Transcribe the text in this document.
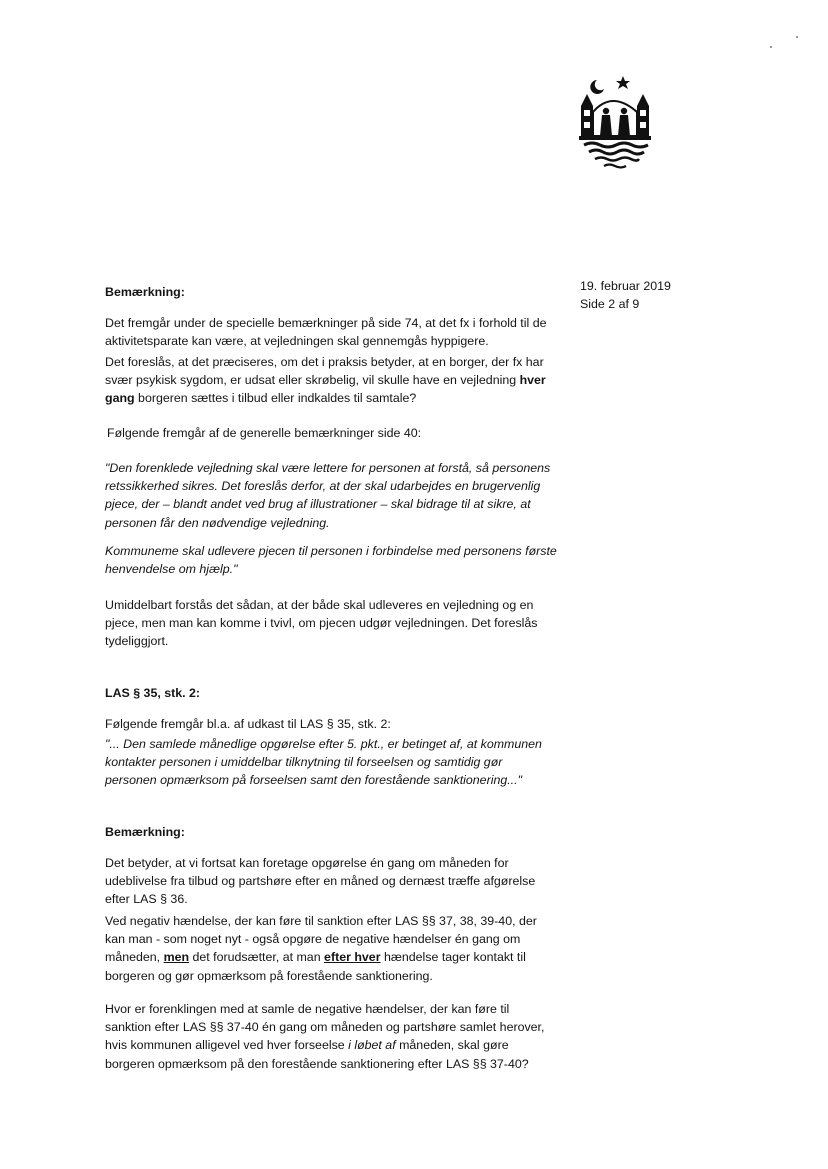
19. februar 2019
Side 2 af 9
Bemærkning:

Det fremgår under de specielle bemærkninger på side 74, at det fx i forhold til de aktivitetsparate kan være, at vejledningen skal gennemgås hyppigere.

Det foreslås, at det præciseres, om det i praksis betyder, at en borger, der fx har svær psykisk sygdom, er udsat eller skrøbelig, vil skulle have en vejledning hver gang borgeren sættes i tilbud eller indkaldes til samtale?

Følgende fremgår af de generelle bemærkninger side 40:

"Den forenklede vejledning skal være lettere for personen at forstå, så personens retssikkerhed sikres. Det foreslås derfor, at der skal udarbejdes en brugervenlig pjece, der – blandt andet ved brug af illustrationer – skal bidrage til at sikre, at personen får den nødvendige vejledning.

Kommuneme skal udlevere pjecen til personen i forbindelse med personens første henvendelse om hjælp."

Umiddelbart forstås det sådan, at der både skal udleveres en vejledning og en pjece, men man kan komme i tvivl, om pjecen udgør vejledningen. Det foreslås tydeliggjort.

LAS § 35, stk. 2:

Følgende fremgår bl.a. af udkast til LAS § 35, stk. 2:

"... Den samlede månedlige opgørelse efter 5. pkt., er betinget af, at kommunen kontakter personen i umiddelbar tilknytning til forseelsen og samtidig gør personen opmærksom på forseelsen samt den forestående sanktionering..."

Bemærkning:

Det betyder, at vi fortsat kan foretage opgørelse én gang om måneden for udeblivelse fra tilbud og partshøre efter en måned og dernæst træffe afgørelse efter LAS § 36.

Ved negativ hændelse, der kan føre til sanktion efter LAS §§ 37, 38, 39-40, der kan man - som noget nyt - også opgøre de negative hændelser én gang om måneden, men det forudsætter, at man efter hver hændelse tager kontakt til borgeren og gør opmærksom på forestående sanktionering.

Hvor er forenklingen med at samle de negative hændelser, der kan føre til sanktion efter LAS §§ 37-40 én gang om måneden og partshøre samlet herover, hvis kommunen alligevel ved hver forseelse i løbet af måneden, skal gøre borgeren opmærksom på den forestående sanktionering efter LAS §§ 37-40?
